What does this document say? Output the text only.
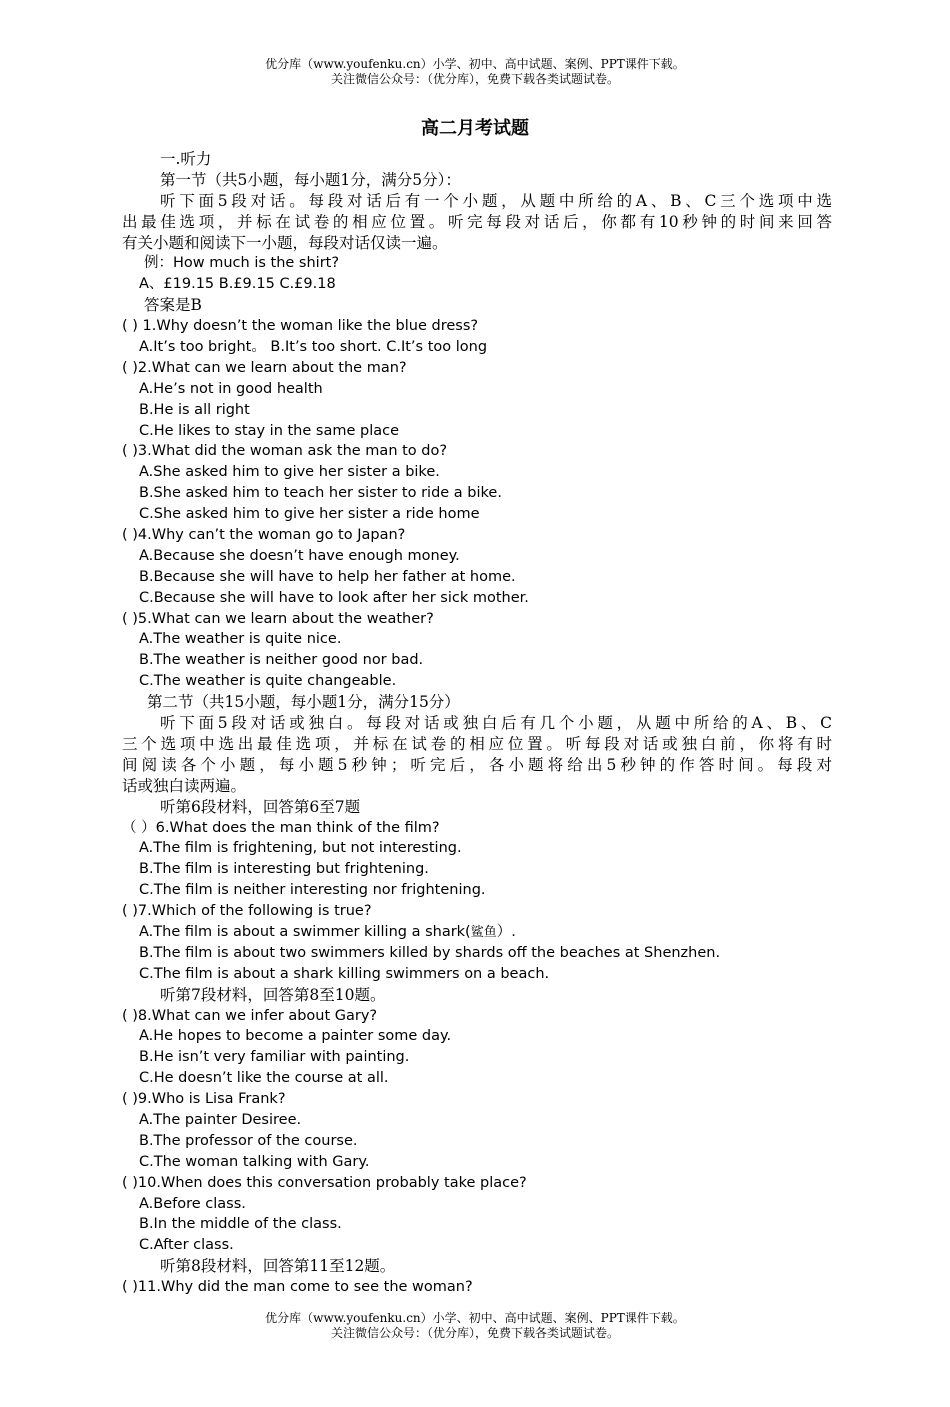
优分库（www.youfenku.cn）小学、初中、高中试题、案例、PPT课件下载。
关注微信公众号：（优分库），免费下载各类试题试卷。
高二月考试题
一.听力
第一节（共5小题，每小题1分，满分5分）：
听下面5段对话。每段对话后有一个小题，从题中所给的A、B、C三个选项中选
出最佳选项，并标在试卷的相应位置。听完每段对话后，你都有10秒钟的时间来回答
有关小题和阅读下一小题，每段对话仅读一遍。
例：How much is the shirt?
A、£19.15 B.£9.15 C.£9.18
答案是B
( ) 1.Why doesn’t the woman like the blue dress?
A.It’s too bright。 B.It’s too short. C.It’s too long
( )2.What can we learn about the man?
A.He’s not in good health
B.He is all right
C.He likes to stay in the same place
( )3.What did the woman ask the man to do?
A.She asked him to give her sister a bike.
B.She asked him to teach her sister to ride a bike.
C.She asked him to give her sister a ride home
( )4.Why can’t the woman go to Japan?
A.Because she doesn’t have enough money.
B.Because she will have to help her father at home.
C.Because she will have to look after her sick mother.
( )5.What can we learn about the weather?
A.The weather is quite nice.
B.The weather is neither good nor bad.
C.The weather is quite changeable.
第二节（共15小题，每小题1分，满分15分）
听下面5段对话或独白。每段对话或独白后有几个小题，从题中所给的A、B、C
三个选项中选出最佳选项，并标在试卷的相应位置。听每段对话或独白前，你将有时
间阅读各个小题，每小题5秒钟；听完后，各小题将给出5秒钟的作答时间。每段对
话或独白读两遍。
听第6段材料，回答第6至7题
（ ）6.What does the man think of the film?
A.The film is frightening, but not interesting.
B.The film is interesting but frightening.
C.The film is neither interesting nor frightening.
( )7.Which of the following is true?
A.The film is about a swimmer killing a shark(鲨鱼）.
B.The film is about two swimmers killed by shards off the beaches at Shenzhen.
C.The film is about a shark killing swimmers on a beach.
听第7段材料，回答第8至10题。
( )8.What can we infer about Gary?
A.He hopes to become a painter some day.
B.He isn’t very familiar with painting.
C.He doesn’t like the course at all.
( )9.Who is Lisa Frank?
A.The painter Desiree.
B.The professor of the course.
C.The woman talking with Gary.
( )10.When does this conversation probably take place?
A.Before class.
B.In the middle of the class.
C.After class.
听第8段材料，回答第11至12题。
( )11.Why did the man come to see the woman?
优分库（www.youfenku.cn）小学、初中、高中试题、案例、PPT课件下载。
关注微信公众号：（优分库），免费下载各类试题试卷。
